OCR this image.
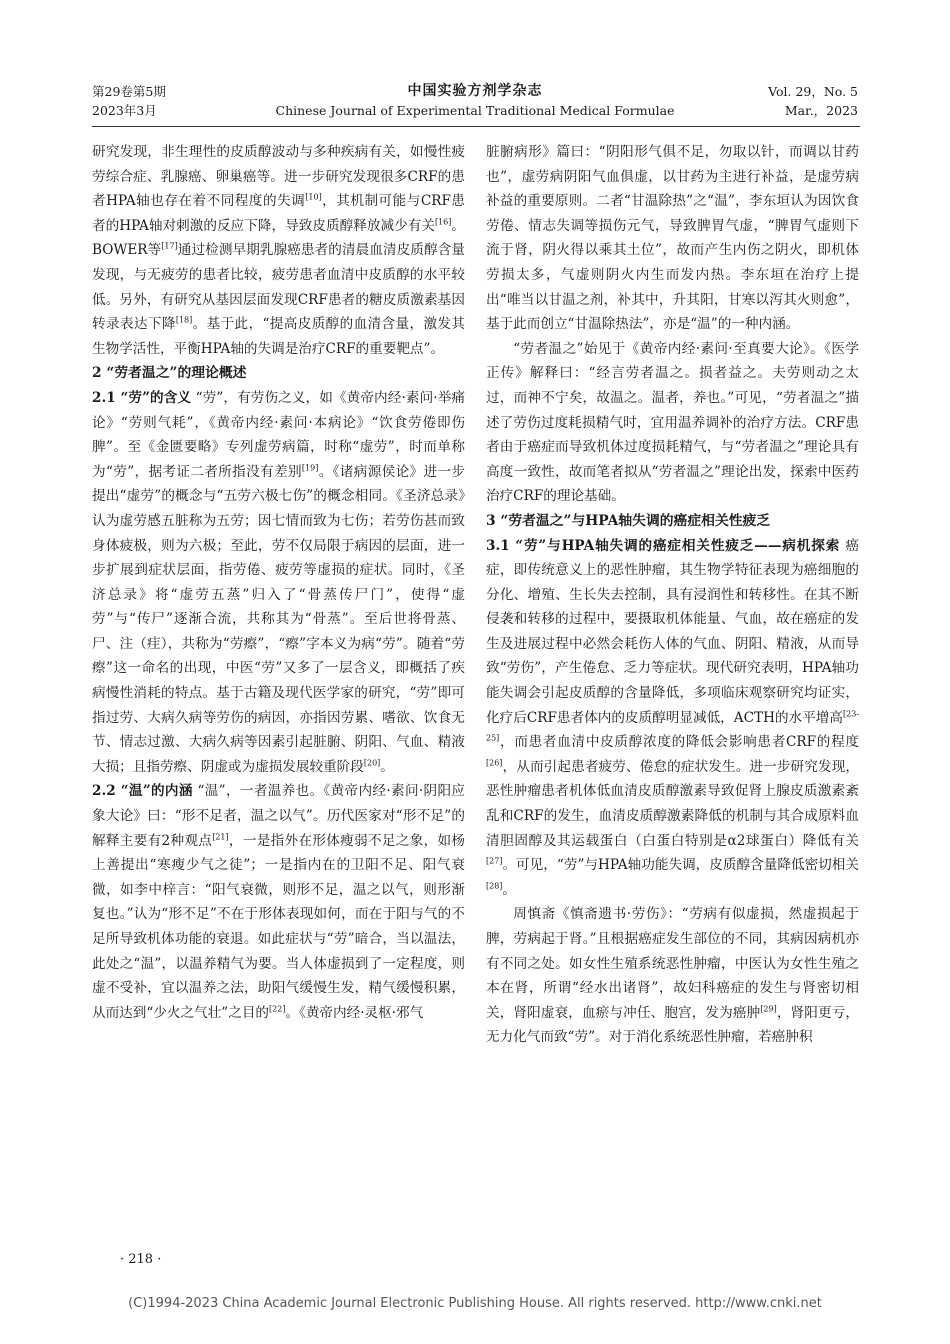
第29卷第5期
2023年3月
中国实验方剂学杂志
Chinese Journal of Experimental Traditional Medical Formulae
Vol. 29，No. 5
Mar.，2023

研究发现，非生理性的皮质醇波动与多种疾病有关，如慢性疲劳综合症、乳腺癌、卵巢癌等。进一步研究发现很多CRF的患者HPA轴也存在着不同程度的失调[10]，其机制可能与CRF患者的HPA轴对刺激的反应下降，导致皮质醇释放减少有关[16]。BOWER等[17]通过检测早期乳腺癌患者的清晨血清皮质醇含量发现，与无疲劳的患者比较，疲劳患者血清中皮质醇的水平较低。另外，有研究从基因层面发现CRF患者的糖皮质激素基因转录表达下降[18]。基于此，“提高皮质醇的血清含量，激发其生物学活性，平衡HPA轴的失调是治疗CRF的重要靶点”。

2 “劳者温之”的理论概述

2.1 “劳”的含义 “劳”，有劳伤之义，如《黄帝内经·素问·举痛论》“劳则气耗”，《黄帝内经·素问·本病论》“饮食劳倦即伤脾”。至《金匮要略》专列虚劳病篇，时称“虚劳”，时而单称为“劳”，据考证二者所指没有差别[19]。《诸病源侯论》进一步提出“虚劳”的概念与“五劳六极七伤”的概念相同。《圣济总录》认为虚劳感五脏称为五劳；因七情而致为七伤；若劳伤甚而致身体疲极，则为六极；至此，劳不仅局限于病因的层面，进一步扩展到症状层面，指劳倦、疲劳等虚损的症状。同时，《圣济总录》将“虚劳五蒸”归入了“骨蒸传尸门”，使得“虚劳”与“传尸”逐渐合流，共称其为“骨蒸”。至后世将骨蒸、尸、注（疰），共称为“劳瘵”，“瘵”字本义为病“劳”。随着“劳瘵”这一命名的出现，中医“劳”又多了一层含义，即概括了疾病慢性消耗的特点。基于古籍及现代医学家的研究，“劳”即可指过劳、大病久病等劳伤的病因，亦指因劳累、嗜欲、饮食无节、情志过激、大病久病等因素引起脏腑、阴阳、气血、精液大损；且指劳瘵、阴虚或为虚损发展较重阶段[20]。

2.2 “温”的内涵 “温”，一者温养也。《黄帝内经·素问·阴阳应象大论》曰：“形不足者，温之以气”。历代医家对“形不足”的解释主要有2种观点[21]，一是指外在形体瘦弱不足之象，如杨上善提出“寒瘦少气之徒”；一是指内在的卫阳不足、阳气衰微，如李中梓言：“阳气衰微，则形不足，温之以气，则形渐复也。”认为“形不足”不在于形体表现如何，而在于阳与气的不足所导致机体功能的衰退。如此症状与“劳”暗合，当以温法，此处之“温”，以温养精气为要。当人体虚损到了一定程度，则虚不受补，宜以温养之法，助阳气缓慢生发，精气缓慢积累，从而达到“少火之气壮”之目的[22]。《黄帝内经·灵枢·邪气

脏腑病形》篇曰：“阴阳形气俱不足，勿取以针，而调以甘药也”，虚劳病阴阳气血俱虚，以甘药为主进行补益，是虚劳病补益的重要原则。二者“甘温除热”之“温”，李东垣认为因饮食劳倦、情志失调等损伤元气，导致脾胃气虚，“脾胃气虚则下流于肾，阴火得以乘其土位”，故而产生内伤之阴火，即机体劳损太多，气虚则阴火内生而发内热。李东垣在治疗上提出“唯当以甘温之剂，补其中，升其阳，甘寒以泻其火则愈”，基于此而创立“甘温除热法”，亦是“温”的一种内涵。

“劳者温之”始见于《黄帝内经·素问·至真要大论》。《医学正传》解释曰：“经言劳者温之。损者益之。夫劳则动之太过，而神不宁矣，故温之。温者，养也。”可见，“劳者温之”描述了劳伤过度耗损精气时，宜用温养调补的治疗方法。CRF患者由于癌症而导致机体过度损耗精气，与“劳者温之”理论具有高度一致性，故而笔者拟从“劳者温之”理论出发，探索中医药治疗CRF的理论基础。

3 “劳者温之”与HPA轴失调的癌症相关性疲乏

3.1 “劳”与HPA轴失调的癌症相关性疲乏——病机探索 癌症，即传统意义上的恶性肿瘤，其生物学特征表现为癌细胞的分化、增殖、生长失去控制，具有浸润性和转移性。在其不断侵袭和转移的过程中，要摄取机体能量、气血，故在癌症的发生及进展过程中必然会耗伤人体的气血、阴阳、精液，从而导致“劳伤”，产生倦怠、乏力等症状。现代研究表明，HPA轴功能失调会引起皮质醇的含量降低，多项临床观察研究均证实，化疗后CRF患者体内的皮质醇明显减低，ACTH的水平增高[23-25]，而患者血清中皮质醇浓度的降低会影响患者CRF的程度[26]，从而引起患者疲劳、倦怠的症状发生。进一步研究发现，恶性肿瘤患者机体低血清皮质醇激素导致促肾上腺皮质激素紊乱和CRF的发生，血清皮质醇激素降低的机制与其合成原料血清胆固醇及其运载蛋白（白蛋白特别是α2球蛋白）降低有关[27]。可见，“劳”与HPA轴功能失调，皮质醇含量降低密切相关[28]。

周慎斋《慎斋遗书·劳伤》：“劳病有似虚损，然虚损起于脾，劳病起于肾。”且根据癌症发生部位的不同，其病因病机亦有不同之处。如女性生殖系统恶性肿瘤，中医认为女性生殖之本在肾，所谓“经水出诸肾”，故妇科癌症的发生与肾密切相关，肾阳虚衰，血瘀与冲任、胞宫，发为癌肿[29]，肾阳更亏，无力化气而致“劳”。对于消化系统恶性肿瘤，若癌肿积

· 218 ·
(C)1994-2023 China Academic Journal Electronic Publishing House. All rights reserved. http://www.cnki.net
